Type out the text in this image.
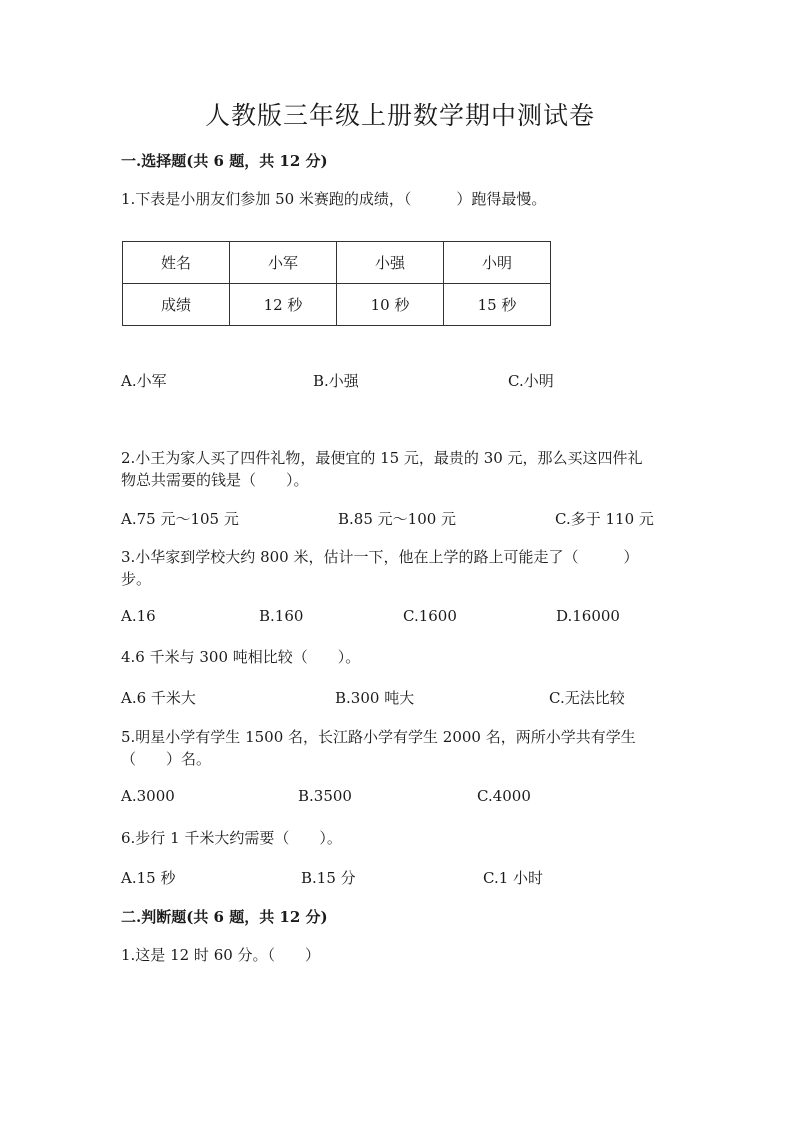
人教版三年级上册数学期中测试卷
一.选择题(共 6 题，共 12 分)
1.下表是小朋友们参加 50 米赛跑的成绩，（　　　）跑得最慢。
姓名	小军	小强	小明
成绩	12 秒	10 秒	15 秒
A.小军	B.小强	C.小明
2.小王为家人买了四件礼物，最便宜的 15 元，最贵的 30 元，那么买这四件礼
物总共需要的钱是（　　）。
A.75 元～105 元	B.85 元～100 元	C.多于 110 元
3.小华家到学校大约 800 米，估计一下，他在上学的路上可能走了（　　　）
步。
A.16	B.160	C.1600	D.16000
4.6 千米与 300 吨相比较（　　）。
A.6 千米大	B.300 吨大	C.无法比较
5.明星小学有学生 1500 名，长江路小学有学生 2000 名，两所小学共有学生
（　　）名。
A.3000	B.3500	C.4000
6.步行 1 千米大约需要（　　）。
A.15 秒	B.15 分	C.1 小时
二.判断题(共 6 题，共 12 分)
1.这是 12 时 60 分。（　　）
